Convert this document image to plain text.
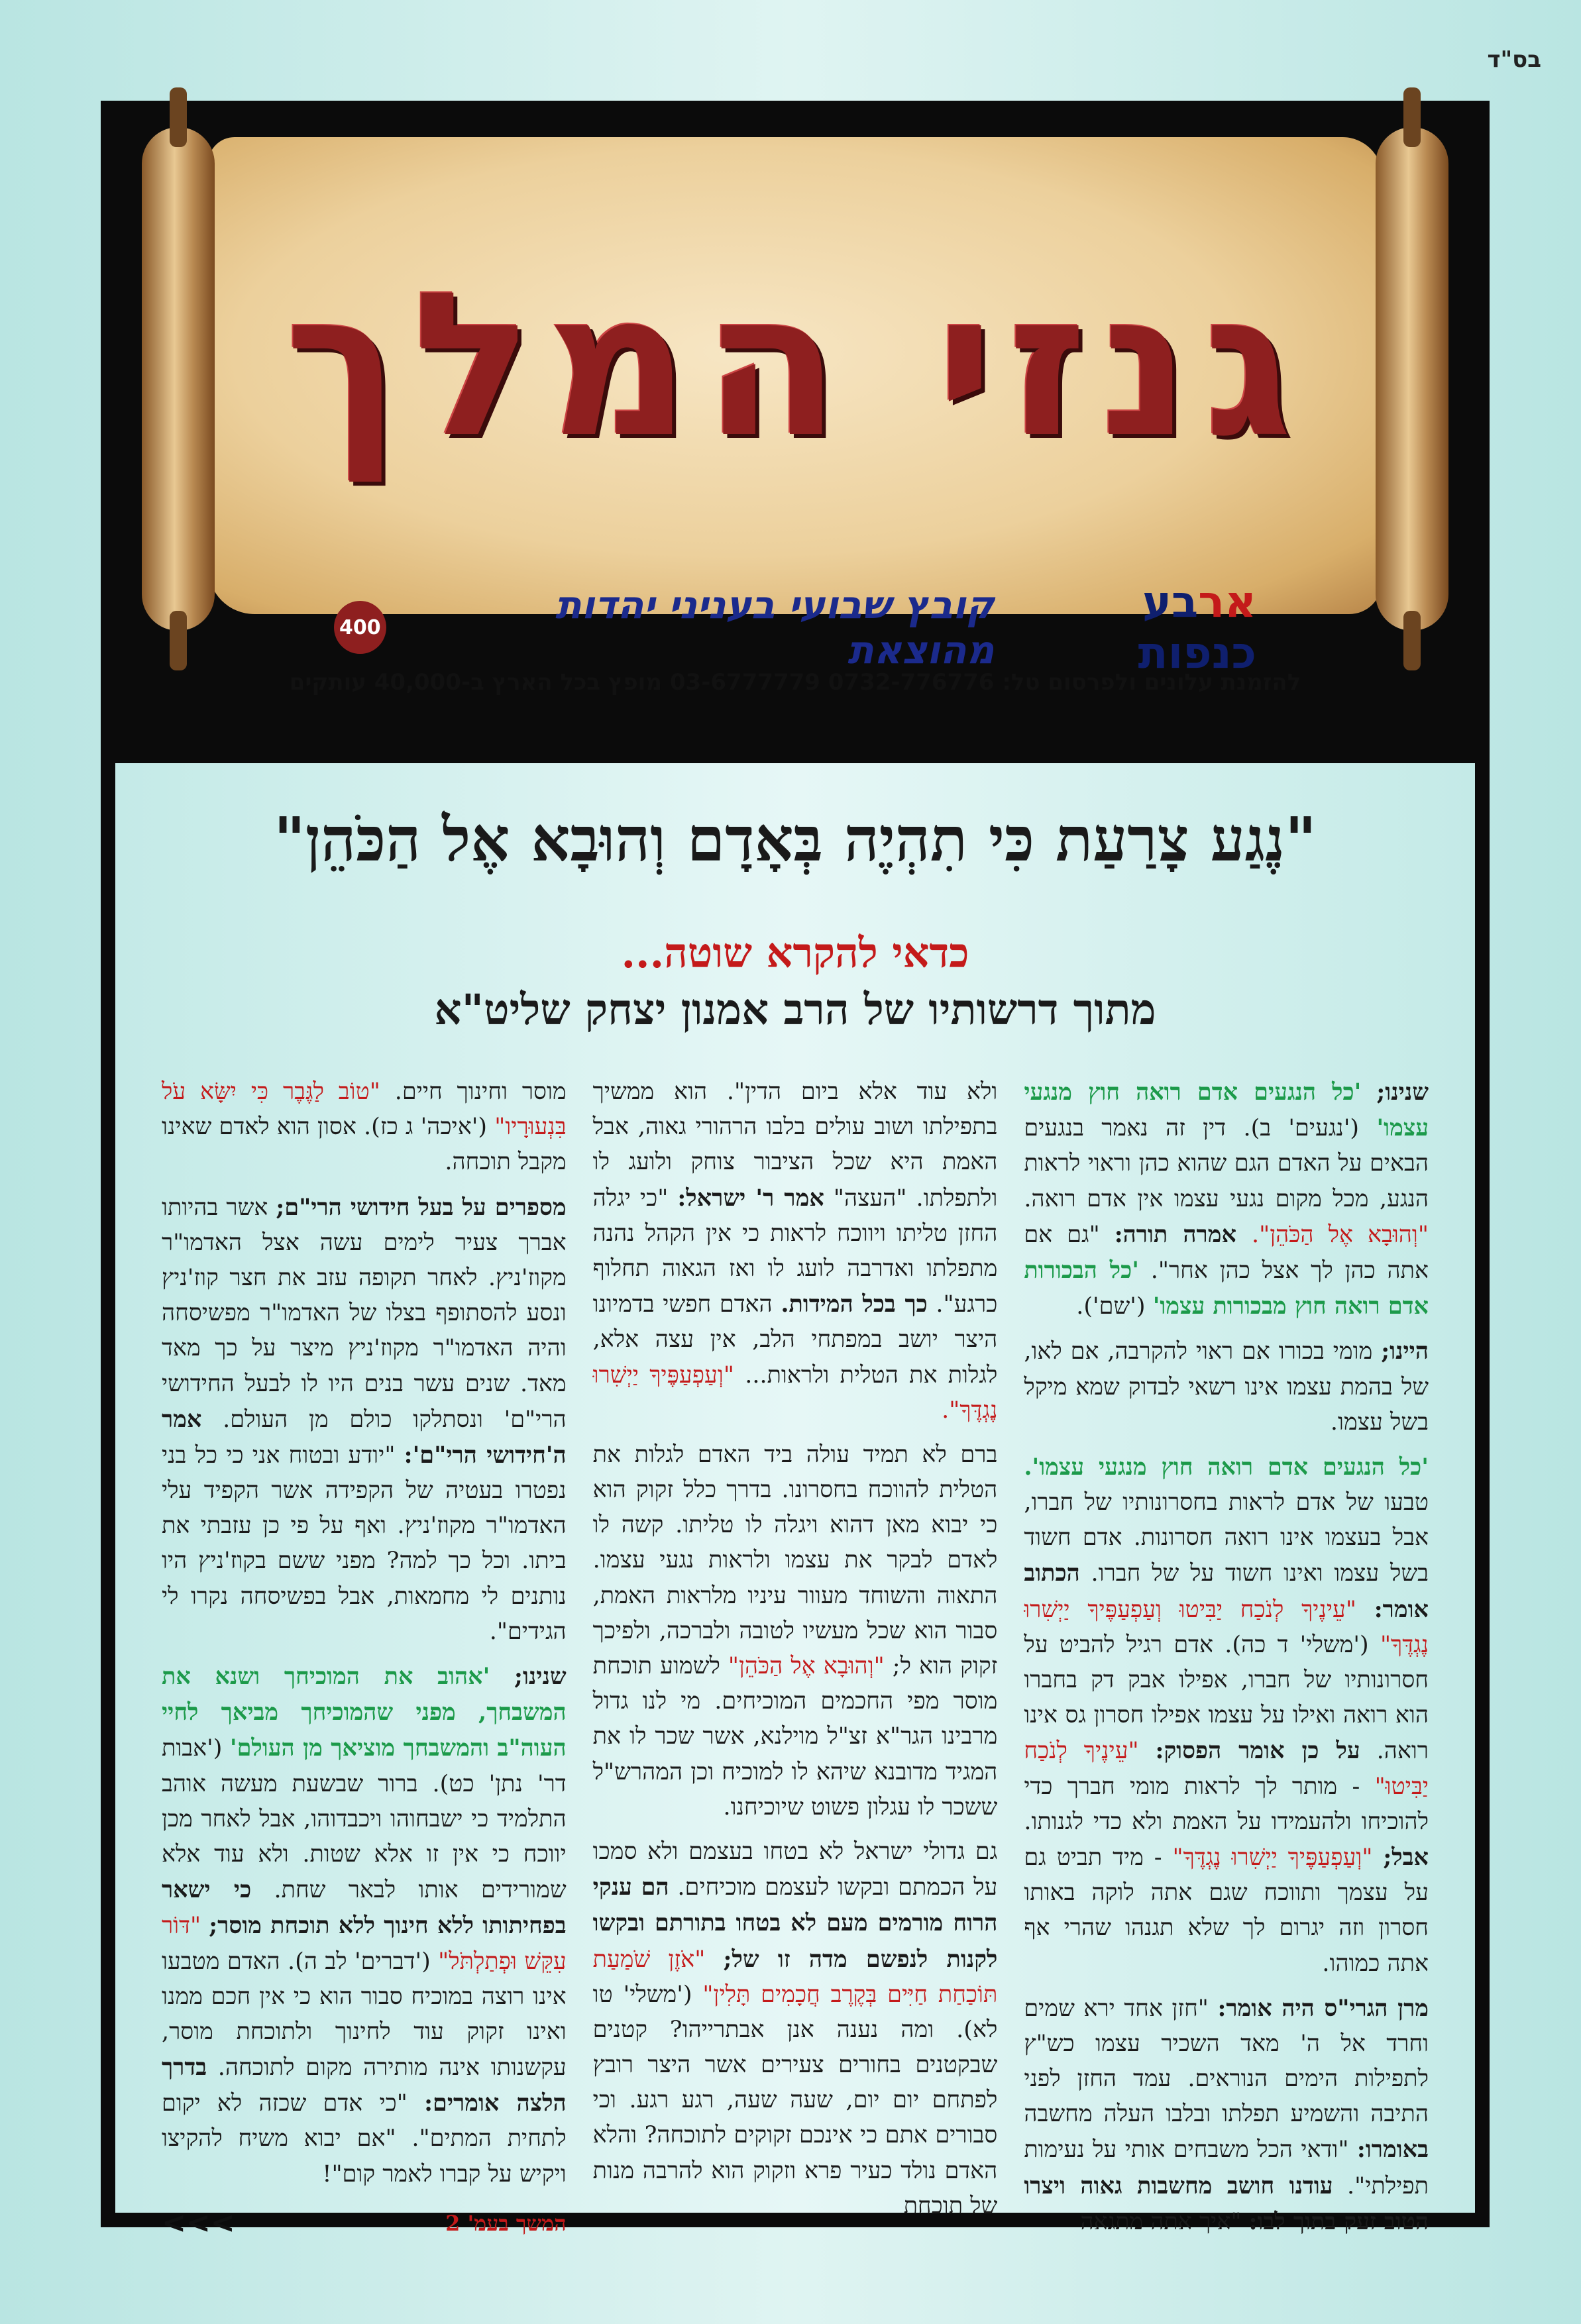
בס"ד
גנזי המלך
ארבע כנפות
קובץ שבועי בעניני יהדות מהוצאת
400
להזמנת עלונים ולפרסום טל: 0732-776776 03-6777779 מופץ בכל הארץ ב-40,000 עותקים
"נֶגַע צָרַעַת כִּי תִהְיֶה בְּאָדָם וְהוּבָא אֶל הַכֹּהֵן"
כדאי להקרא שוטה...
מתוך דרשותיו של הרב אמנון יצחק שליט"א

שנינו; 'כל הנגעים אדם רואה חוץ מנגעי עצמו' ('נגעים' ב). דין זה נאמר בנגעים הבאים על האדם הגם שהוא כהן וראוי לראות הנגע, מכל מקום נגעי עצמו אין אדם רואה. "וְהוּבָא אֶל הַכֹּהֵן". אמרה תורה: "גם אם אתה כהן לך אצל כהן אחר". 'כל הבכורות אדם רואה חוץ מבכורות עצמו' ('שם').

היינו; מומי בכורו אם ראוי להקרבה, אם לאו, של בהמת עצמו אינו רשאי לבדוק שמא מיקל בשל עצמו.

'כל הנגעים אדם רואה חוץ מנגעי עצמו'. טבעו של אדם לראות בחסרונותיו של חברו, אבל בעצמו אינו רואה חסרונות. אדם חשוד בשל עצמו ואינו חשוד על של חברו. הכתוב אומר: "עֵינֶיךָ לְנֹכַח יַבִּיטוּ וְעַפְעַפֶּיךָ יַיְשִׁרוּ נֶגְדֶּךָ" ('משלי' ד כה). אדם רגיל להביט על חסרונותיו של חברו, אפילו אבק דק בחברו הוא רואה ואילו על עצמו אפילו חסרון גס אינו רואה. על כן אומר הפסוק: "עֵינֶיךָ לְנֹכַח יַבִּיטוּ" - מותר לך לראות מומי חברך כדי להוכיחו ולהעמידו על האמת ולא כדי לגנותו. אבל; "וְעַפְעַפֶּיךָ יַיְשִׁרוּ נֶגְדֶּךָ" - מיד תביט גם על עצמך ותווכח שגם אתה לוקה באותו חסרון וזה יגרום לך שלא תגנהו שהרי אף אתה כמוהו.

מרן הגרי"ס היה אומר: "חזן אחד ירא שמים וחרד אל ה' מאד השכיר עצמו כש"ץ לתפילות הימים הנוראים. עמד החזן לפני התיבה והשמיע תפלתו ובלבו העלה מחשבה באומרו: "ודאי הכל משבחים אותי על נעימות תפילתי". עודנו חושב מחשבות גאוה ויצרו הטוב זעק בתוך לבו: "איך אתה מתגאה

ולא עוד אלא ביום הדין". הוא ממשיך בתפילתו ושוב עולים בלבו הרהורי גאוה, אבל האמת היא שכל הציבור צוחק ולועג לו ולתפלתו. "העצה" אמר ר' ישראל: "כי יגלה החזן טליתו ויווכח לראות כי אין הקהל נהנה מתפלתו ואדרבה לועג לו ואז הגאוה תחלוף כרגע". כך בכל המידות. האדם חפשי בדמיונו היצר יושב במפתחי הלב, אין עצה אלא, לגלות את הטלית ולראות... "וְעַפְעַפֶּיךָ יַיְשִׁרוּ נֶגְדֶּךָ".

ברם לא תמיד עולה ביד האדם לגלות את הטלית להווכח בחסרונו. בדרך כלל זקוק הוא כי יבוא מאן דהוא ויגלה לו טליתו. קשה לו לאדם לבקר את עצמו ולראות נגעי עצמו. התאוה והשוחד מעוור עיניו מלראות האמת, סבור הוא שכל מעשיו לטובה ולברכה, ולפיכך זקוק הוא ל; "וְהוּבָא אֶל הַכֹּהֵן" לשמוע תוכחת מוסר מפי החכמים המוכיחים. מי לנו גדול מרבינו הגר"א זצ"ל מוילנא, אשר שכר לו את המגיד מדובנא שיהא לו למוכיח וכן המהרש"ל ששכר לו עגלון פשוט שיוכיחנו.

גם גדולי ישראל לא בטחו בעצמם ולא סמכו על הכמתם ובקשו לעצמם מוכיחים. הם ענקי הרוח מורמים מעם לא בטחו בתורתם ובקשו לקנות לנפשם מדה זו של; "אֹזֶן שֹׁמַעַת תּוֹכַחַת חַיִּים בְּקֶרֶב חֲכָמִים תָּלִין" ('משלי' טו לא). ומה נענה אנן אבתרייהו? קטנים שבקטנים בחורים צעירים אשר היצר רובץ לפתחם יום יום, שעה שעה, רגע רגע. וכי סבורים אתם כי אינכם זקוקים לתוכחה? והלא האדם נולד כעיר פרא וזקוק הוא להרבה מנות של תוכחת

מוסר וחינוך חיים. "טוֹב לַגֶּבֶר כִּי יִשָּׂא עֹל בִּנְעוּרָיו" ('איכה' ג כז). אסון הוא לאדם שאינו מקבל תוכחה.

מספרים על בעל חידושי הרי"ם; אשר בהיותו אברך צעיר לימים עשה אצל האדמו"ר מקוז'ניץ. לאחר תקופה עזב את חצר קוז'ניץ ונסע להסתופף בצלו של האדמו"ר מפשיסחה והיה האדמו"ר מקוז'ניץ מיצר על כך מאד מאד. שנים עשר בנים היו לו לבעל החידושי הרי"ם' ונסתלקו כולם מן העולם. אמר ה'חידושי הרי"ם': "יודע ובטוח אני כי כל בני נפטרו בעטיה של הקפידה אשר הקפיד עלי האדמו"ר מקוז'ניץ. ואף על פי כן עזבתי את ביתו. וכל כך למה? מפני ששם בקוז'ניץ היו נותנים לי מחמאות, אבל בפשיסחה נקרו לי הגידים".

שנינו; 'אהוב את המוכיחך ושנא את המשבחך, מפני שהמוכיחך מביאך לחיי העוה"ב והמשבחך מוציאך מן העולם' ('אבות דר' נתן' כט). ברור שבשעת מעשה אוהב התלמיד כי ישבחוהו ויכבדוהו, אבל לאחר מכן יווכח כי אין זו אלא שטות. ולא עוד אלא שמורידים אותו לבאר שחת. כי ישאר בפחיתותו ללא חינוך ללא תוכחת מוסר; "דּוֹר עִקֵּשׁ וּפְתַלְתֹּל" ('דברים' לב ה). האדם מטבעו אינו רוצה במוכיח סבור הוא כי אין חכם ממנו ואינו זקוק עוד לחינוך ולתוכחת מוסר, עקשנותו אינה מותירה מקום לתוכחה. בדרך הלצה אומרים: "כי אדם שכזה לא יקום לתחית המתים". "אם יבוא משיח להקיצו ויקיש על קברו לאמר קום"!

המשך בעמ' 2
<<<
